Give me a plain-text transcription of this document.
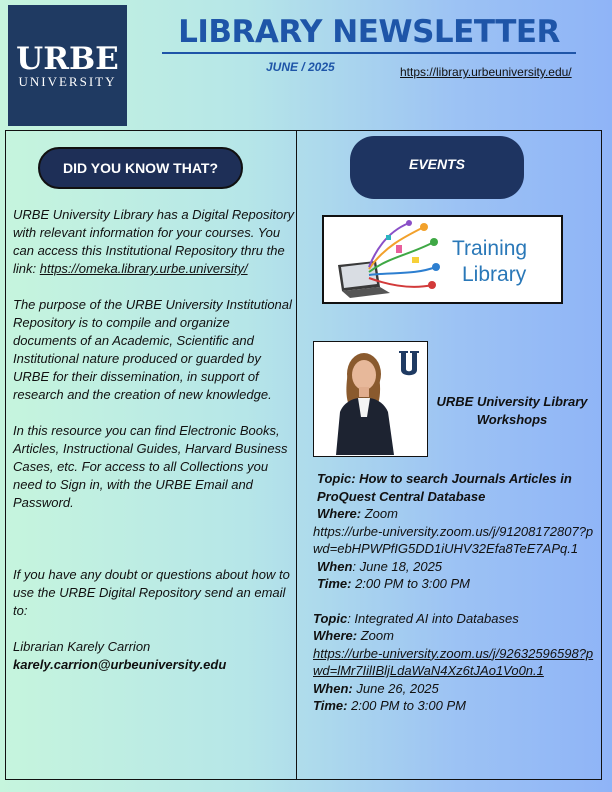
URBE
UNIVERSITY
LIBRARY NEWSLETTER
JUNE / 2025	https://library.urbeuniversity.edu/
DID YOU KNOW THAT?

URBE University Library has a Digital Repository with relevant information for your courses. You can access this Institutional Repository thru the link: https://omeka.library.urbe.university/

The purpose of the URBE University Institutional Repository is to compile and organize documents of an Academic, Scientific and Institutional nature produced or guarded by URBE for their dissemination, in support of research and the creation of new knowledge.

In this resource you can find Electronic Books, Articles, Instructional Guides, Harvard Business Cases, etc. For access to all Collections you need to Sign in, with the URBE Email and Password.

If you have any doubt or questions about how to use the URBE Digital Repository send an email to:

Librarian Karely Carrion

karely.carrion@urbeuniversity.edu

EVENTS
Training
Library
URBE University Library Workshops

Topic: How to search Journals Articles in ProQuest Central Database

Where: Zoom

https://urbe-university.zoom.us/j/91208172807?pwd=ebHPWPfIG5DD1iUHV32Efa8TeE7APq.1

When: June 18, 2025

Time: 2:00 PM to 3:00 PM

Topic: Integrated AI into Databases

Where: Zoom

https://urbe-university.zoom.us/j/92632596598?pwd=lMr7IilIBljLdaWaN4Xz6tJAo1Vo0n.1

When: June 26, 2025

Time: 2:00 PM to 3:00 PM
